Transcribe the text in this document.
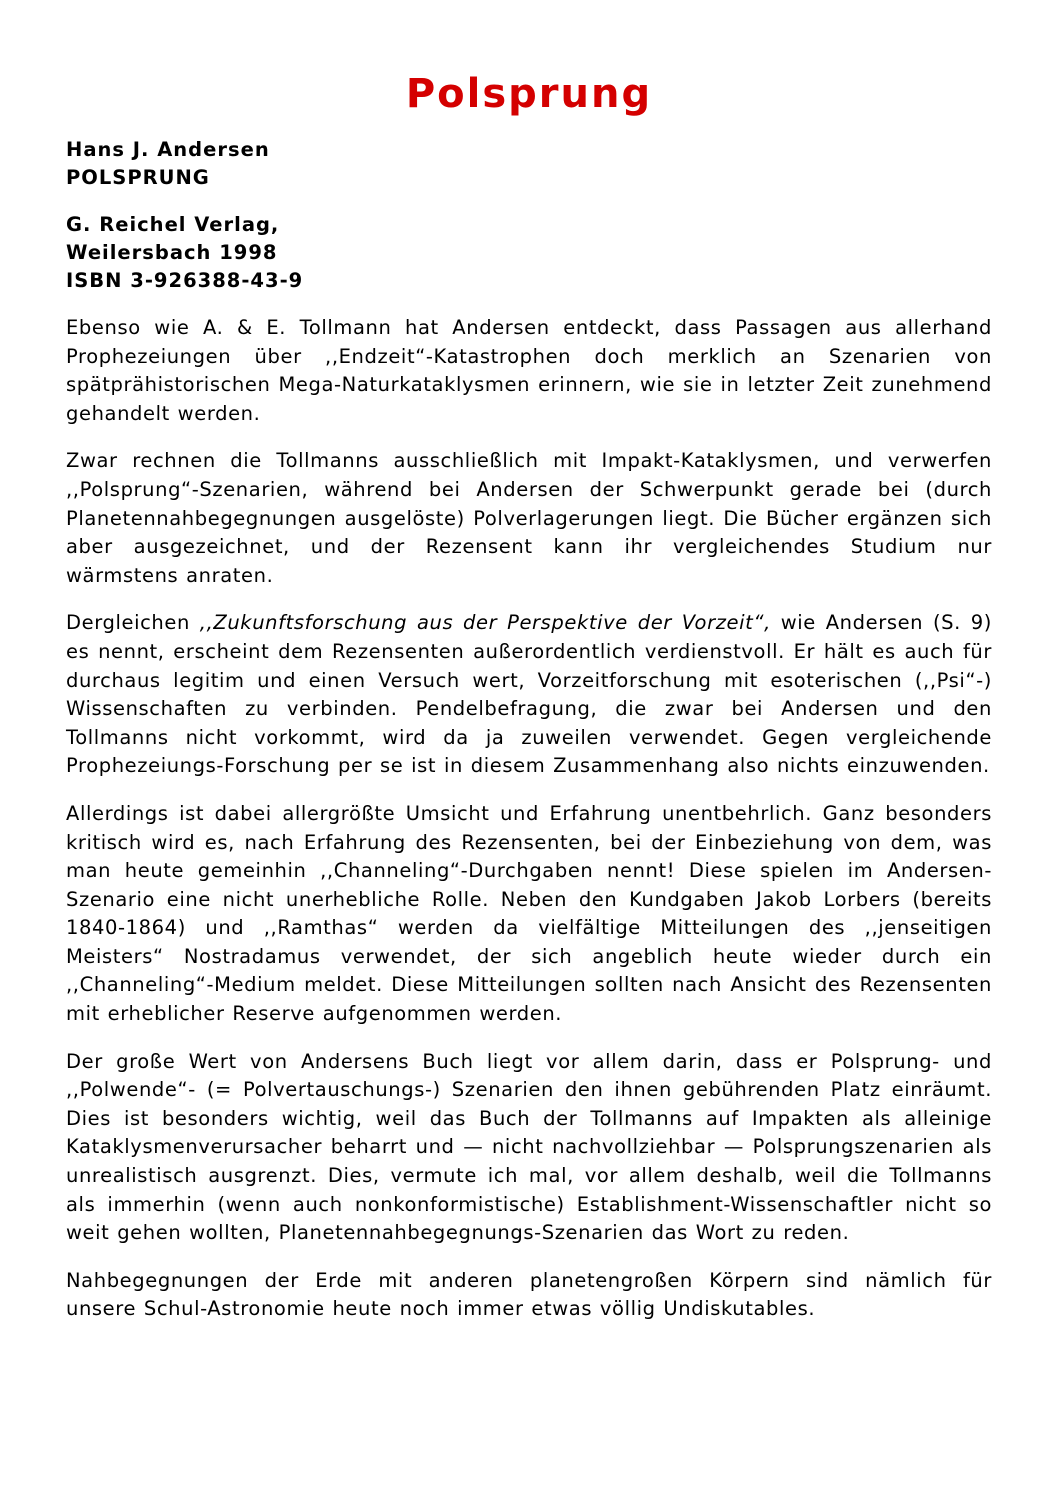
Polsprung
Hans J. Andersen
POLSPRUNG
G. Reichel Verlag,
Weilersbach 1998
ISBN 3-926388-43-9

Ebenso wie A. & E. Tollmann hat Andersen entdeckt, dass Passagen aus allerhand Prophezeiungen über ,,Endzeit“-Katastrophen doch merklich an Szenarien von spätprähistorischen Mega-Naturkataklysmen erinnern, wie sie in letzter Zeit zunehmend gehandelt werden.

Zwar rechnen die Tollmanns ausschließlich mit Impakt-Kataklysmen, und verwerfen ,,Polsprung“-Szenarien, während bei Andersen der Schwerpunkt gerade bei (durch Planetennahbegegnungen ausgelöste) Polverlagerungen liegt. Die Bücher ergänzen sich aber ausgezeichnet, und der Rezensent kann ihr vergleichendes Studium nur wärmstens anraten.

Dergleichen ,,Zukunftsforschung aus der Perspektive der Vorzeit“, wie Andersen (S. 9) es nennt, erscheint dem Rezensenten außerordentlich verdienstvoll. Er hält es auch für durchaus legitim und einen Versuch wert, Vorzeitforschung mit esoterischen (,,Psi“-) Wissenschaften zu verbinden. Pendelbefragung, die zwar bei Andersen und den Tollmanns nicht vorkommt, wird da ja zuweilen verwendet. Gegen vergleichende Prophezeiungs-Forschung per se ist in diesem Zusammenhang also nichts einzuwenden.

Allerdings ist dabei allergrößte Umsicht und Erfahrung unentbehrlich. Ganz besonders kritisch wird es, nach Erfahrung des Rezensenten, bei der Einbeziehung von dem, was man heute gemeinhin ,,Channeling“-Durchgaben nennt! Diese spielen im Andersen-Szenario eine nicht unerhebliche Rolle. Neben den Kundgaben Jakob Lorbers (bereits 1840-1864) und ,,Ramthas“ werden da vielfältige Mitteilungen des ,,jenseitigen Meisters“ Nostradamus verwendet, der sich angeblich heute wieder durch ein ,,Channeling“-Medium meldet. Diese Mitteilungen sollten nach Ansicht des Rezensenten mit erheblicher Reserve aufgenommen werden.

Der große Wert von Andersens Buch liegt vor allem darin, dass er Polsprung- und ,,Polwende“- (= Polvertauschungs-) Szenarien den ihnen gebührenden Platz einräumt. Dies ist besonders wichtig, weil das Buch der Tollmanns auf Impakten als alleinige Kataklysmenverursacher beharrt und — nicht nachvollziehbar — Polsprungszenarien als unrealistisch ausgrenzt. Dies, vermute ich mal, vor allem deshalb, weil die Tollmanns als immerhin (wenn auch nonkonformistische) Establishment-Wissenschaftler nicht so weit gehen wollten, Planetennahbegegnungs-Szenarien das Wort zu reden.

Nahbegegnungen der Erde mit anderen planetengroßen Körpern sind nämlich für unsere Schul-Astronomie heute noch immer etwas völlig Undiskutables.
